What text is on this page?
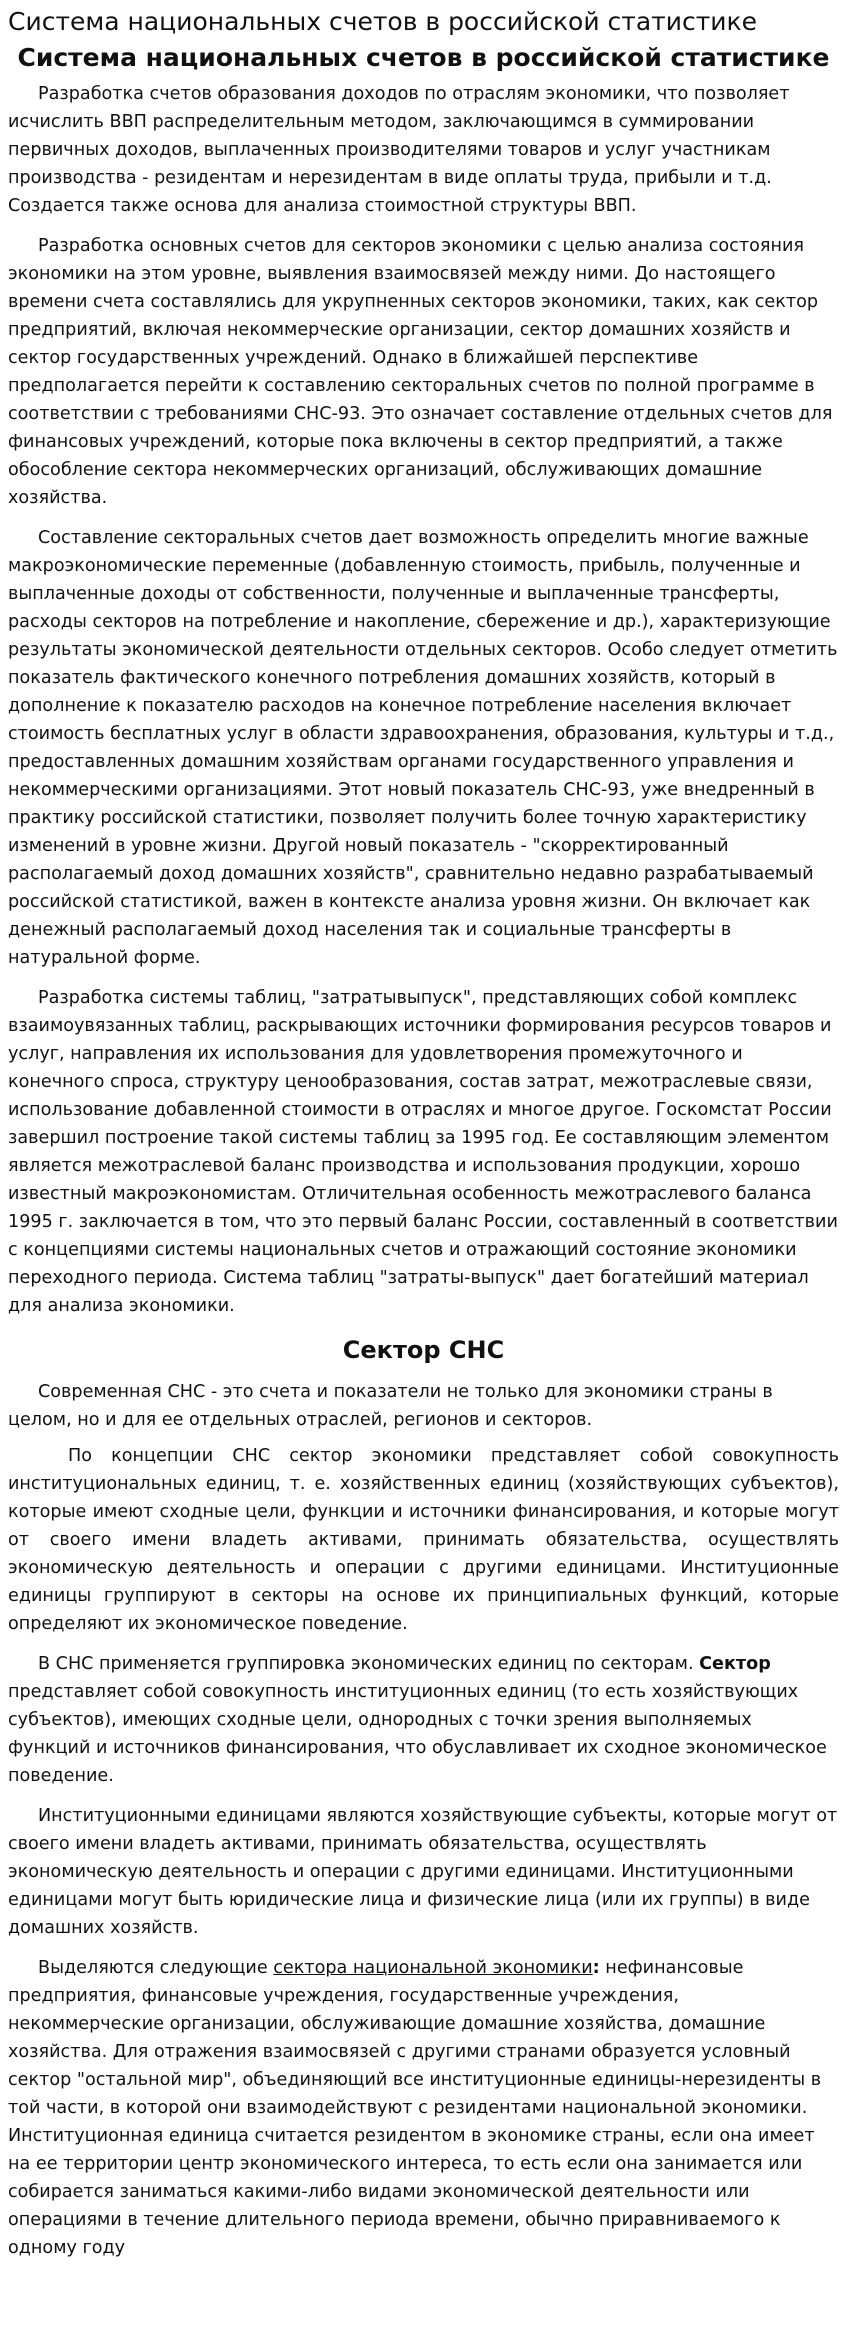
Система национальных счетов в российской статистике
Система национальных счетов в российской статистике

Разработка счетов образования доходов по отраслям экономики, что позволяет исчислить ВВП распределительным методом, заключающимся в суммировании первичных доходов, выплаченных производителями товаров и услуг участникам производства - резидентам и нерезидентам в виде оплаты труда, прибыли и т.д. Создается также основа для анализа стоимостной структуры ВВП.

Разработка основных счетов для секторов экономики с целью анализа состояния экономики на этом уровне, выявления взаимосвязей между ними. До настоящего времени счета составлялись для укрупненных секторов экономики, таких, как сектор предприятий, включая некоммерческие организации, сектор домашних хозяйств и сектор государственных учреждений. Однако в ближайшей перспективе предполагается перейти к составлению секторальных счетов по полной программе в соответствии с требованиями СНС-93. Это означает составление отдельных счетов для финансовых учреждений, которые пока включены в сектор предприятий, а также обособление сектора некоммерческих организаций, обслуживающих домашние хозяйства.

Составление секторальных счетов дает возможность определить многие важные макроэкономические переменные (добавленную стоимость, прибыль, полученные и выплаченные доходы от собственности, полученные и выплаченные трансферты, расходы секторов на потребление и накопление, сбережение и др.), характеризующие результаты экономической деятельности отдельных секторов. Особо следует отметить показатель фактического конечного потребления домашних хозяйств, который в дополнение к показателю расходов на конечное потребление населения включает стоимость бесплатных услуг в области здравоохранения, образования, культуры и т.д., предоставленных домашним хозяйствам органами государственного управления и некоммерческими организациями. Этот новый показатель СНС-93, уже внедренный в практику российской статистики, позволяет получить более точную характеристику изменений в уровне жизни. Другой новый показатель - "скорректированный располагаемый доход домашних хозяйств", сравнительно недавно разрабатываемый российской статистикой, важен в контексте анализа уровня жизни. Он включает как денежный располагаемый доход населения так и социальные трансферты в натуральной форме.

Разработка системы таблиц, "затратывыпуск", представляющих собой комплекс взаимоувязанных таблиц, раскрывающих источники формирования ресурсов товаров и услуг, направления их использования для удовлетворения промежуточного и конечного спроса, структуру ценообразования, состав затрат, межотраслевые связи, использование добавленной стоимости в отраслях и многое другое. Госкомстат России завершил построение такой системы таблиц за 1995 год. Ее составляющим элементом является межотраслевой баланс производства и использования продукции, хорошо известный макроэкономистам. Отличительная особенность межотраслевого баланса 1995 г. заключается в том, что это первый баланс России, составленный в соответствии с концепциями системы национальных счетов и отражающий состояние экономики переходного периода. Система таблиц "затраты-выпуск" дает богатейший материал для анализа экономики.

Сектор СНС

Современная СНС - это счета и показатели не только для экономики страны в целом, но и для ее отдельных отраслей, регионов и секторов.

По концепции СНС сектор экономики представляет собой совокупность институциональных единиц, т. е. хозяйственных единиц (хозяйствующих субъектов), которые имеют сходные цели, функции и источники финансирования, и которые могут от своего имени владеть активами, принимать обязательства, осуществлять экономическую деятельность и операции с другими единицами. Институционные единицы группируют в секторы на основе их принципиальных функций, которые определяют их экономическое поведение.

В СНС применяется группировка экономических единиц по секторам. Сектор представляет собой совокупность институционных единиц (то есть хозяйствующих субъектов), имеющих сходные цели, однородных с точки зрения выполняемых функций и источников финансирования, что обуславливает их сходное экономическое поведение.

Институционными единицами являются хозяйствующие субъекты, которые могут от своего имени владеть активами, принимать обязательства, осуществлять экономическую деятельность и операции с другими единицами. Институционными единицами могут быть юридические лица и физические лица (или их группы) в виде домашних хозяйств.

Выделяются следующие сектора национальной экономики: нефинансовые предприятия, финансовые учреждения, государственные учреждения, некоммерческие организации, обслуживающие домашние хозяйства, домашние хозяйства. Для отражения взаимосвязей с другими странами образуется условный сектор "остальной мир", объединяющий все институционные единицы-нерезиденты в той части, в которой они взаимодействуют с резидентами национальной экономики. Институционная единица считается резидентом в экономике страны, если она имеет на ее территории центр экономического интереса, то есть если она занимается или собирается заниматься какими-либо видами экономической деятельности или операциями в течение длительного периода времени, обычно приравниваемого к одному году
